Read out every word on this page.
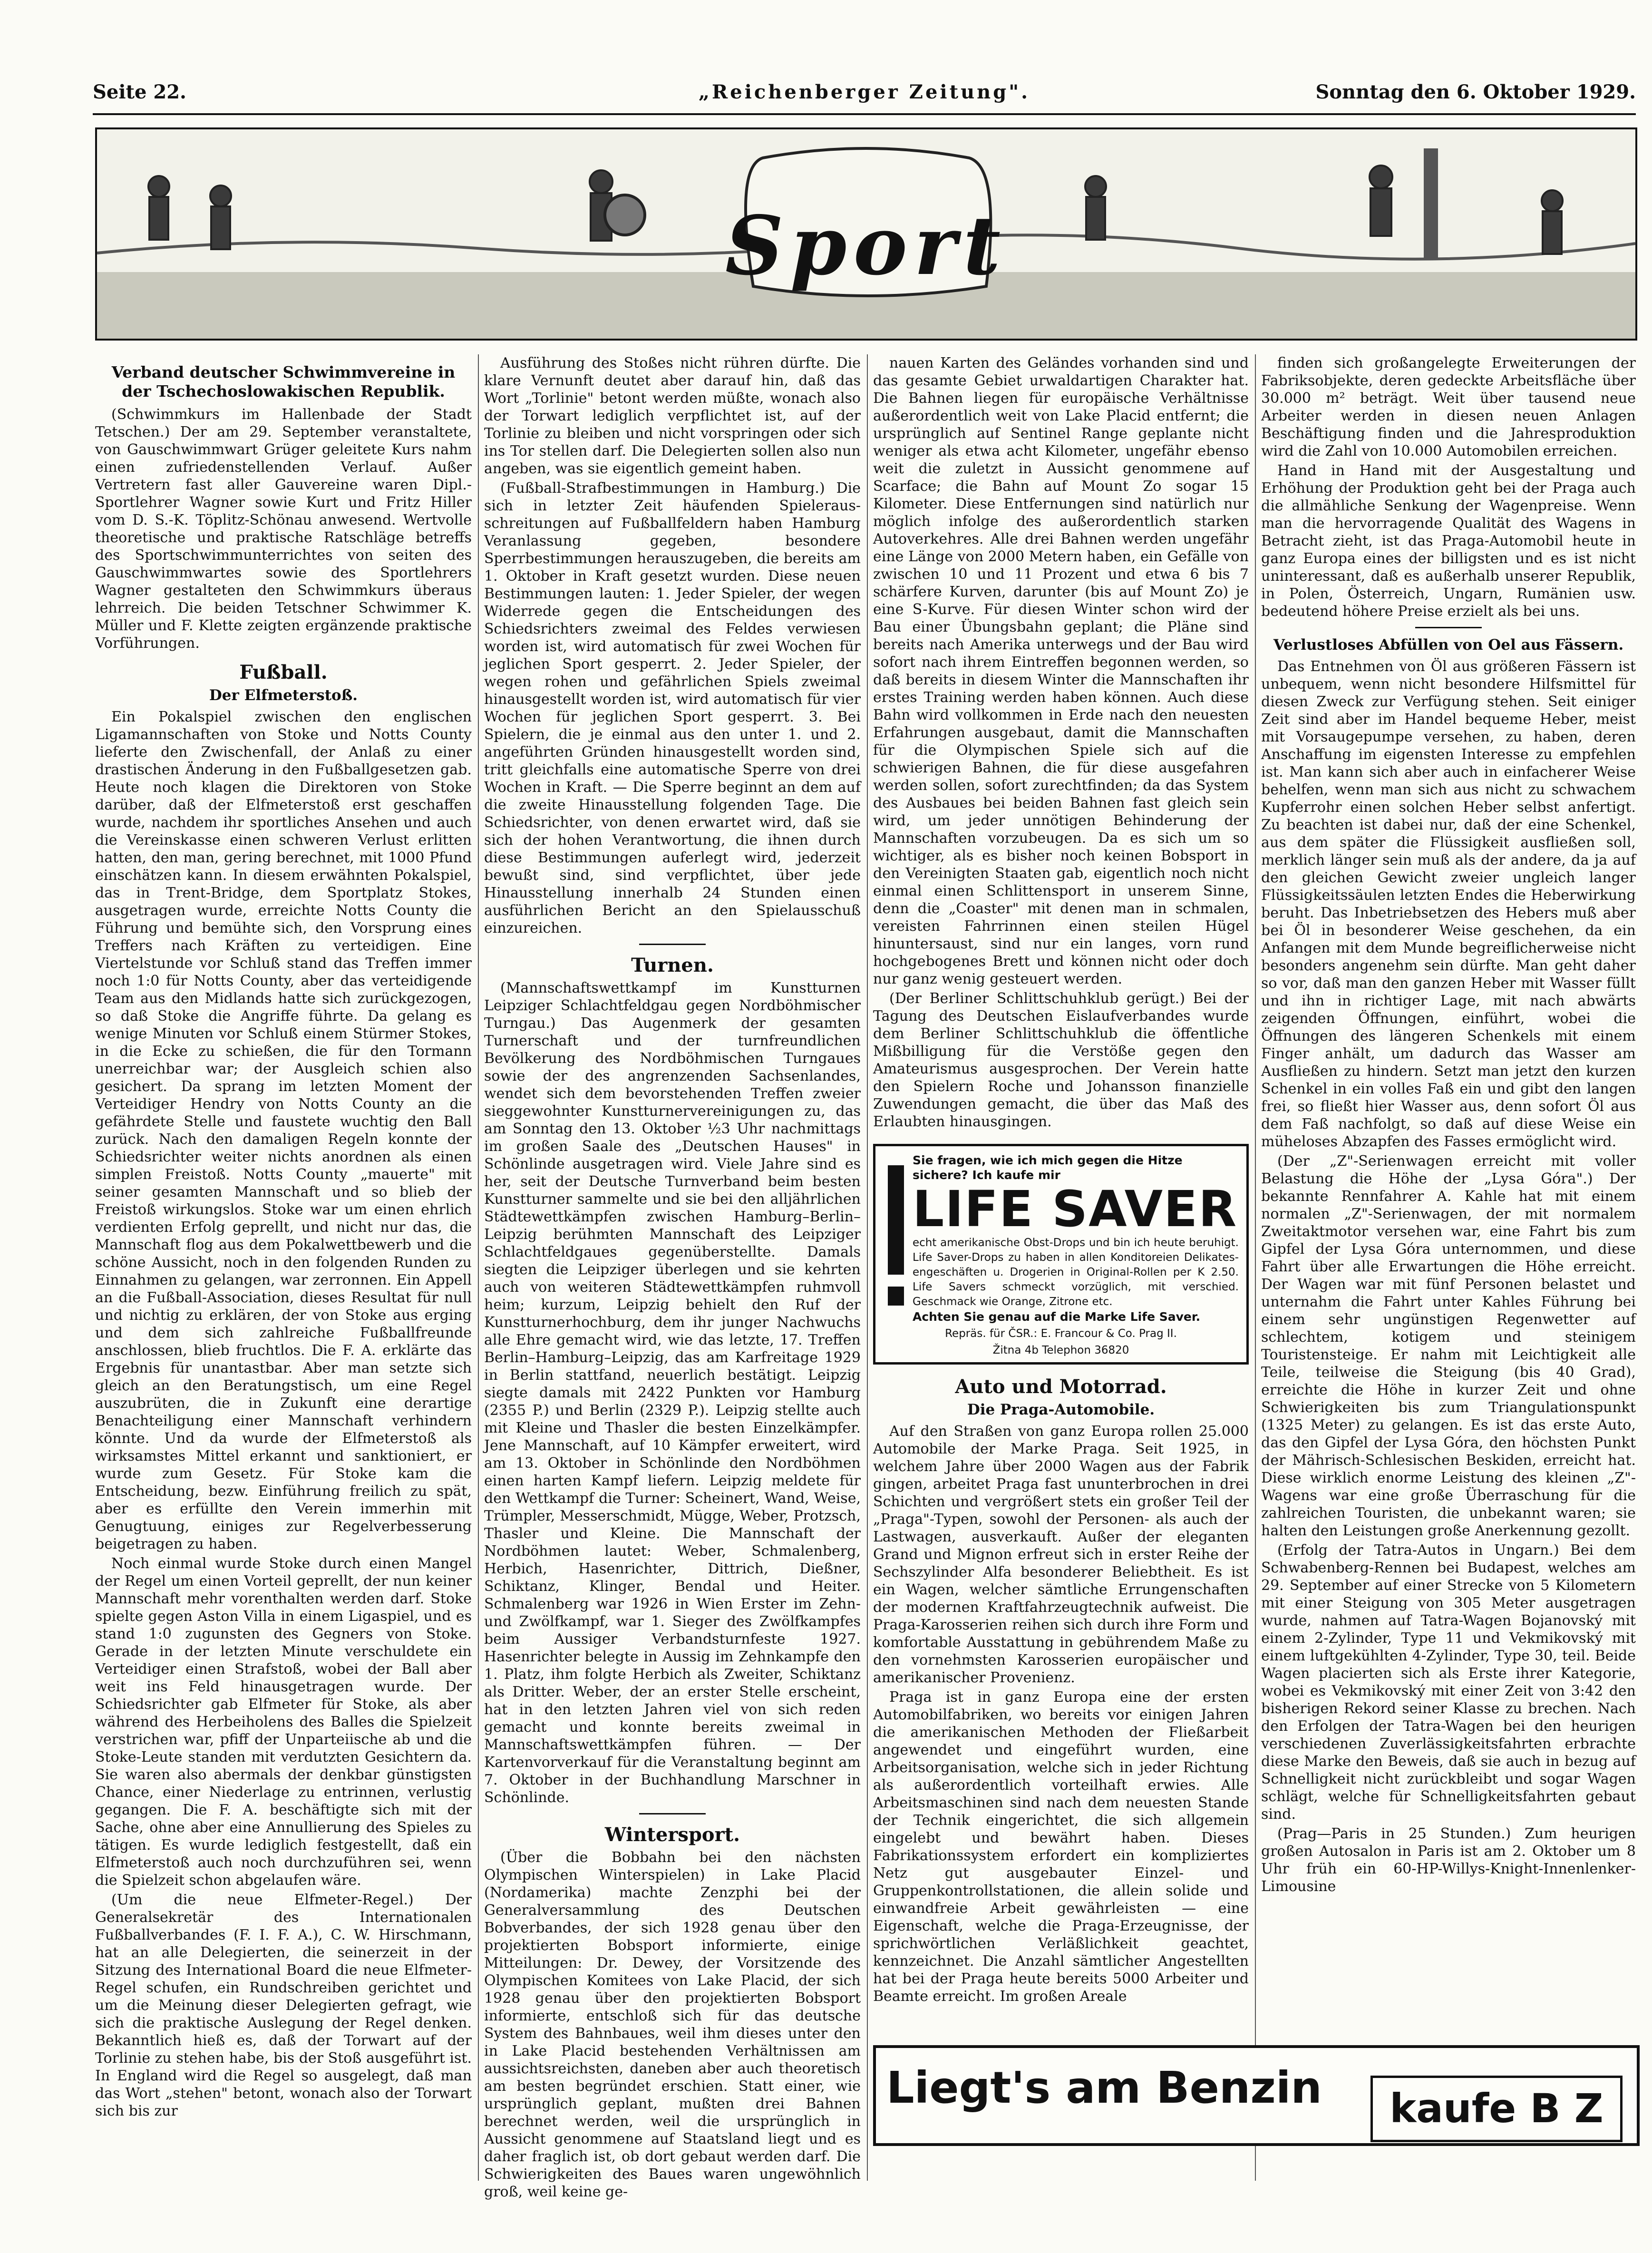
Seite 22.	„Reichenberger Zeitung".	Sonntag den 6. Oktober 1929.
Sport
Verband deutscher Schwimmvereine in der Tschechoslowakischen Republik.

(Schwimmkurs im Hallenbade der Stadt Tetschen.) Der am 29. September veranstaltete, von Gauschwimmwart Grüger geleitete Kurs nahm einen zufriedenstellenden Verlauf. Außer Vertretern fast aller Gauvereine waren Dipl.-Sportlehrer Wagner sowie Kurt und Fritz Hiller vom D. S.-K. Töplitz-Schönau anwesend. Wertvolle theoretische und praktische Ratschläge betreffs des Sportschwimmunterrichtes von seiten des Gauschwimmwartes sowie des Sportlehrers Wagner gestalteten den Schwimmkurs überaus lehrreich. Die beiden Tetschner Schwimmer K. Müller und F. Klette zeigten ergänzende praktische Vorführungen.

Fußball.
Der Elfmeterstoß.

Ein Pokalspiel zwischen den englischen Ligamannschaften von Stoke und Notts County lieferte den Zwischenfall, der Anlaß zu einer drastischen Änderung in den Fußballgesetzen gab. Heute noch klagen die Direktoren von Stoke darüber, daß der Elfmeterstoß erst geschaffen wurde, nachdem ihr sportliches Ansehen und auch die Vereinskasse einen schweren Verlust erlitten hatten, den man, gering berechnet, mit 1000 Pfund einschätzen kann. In diesem erwähnten Pokalspiel, das in Trent-Bridge, dem Sportplatz Stokes, ausgetragen wurde, erreichte Notts County die Führung und bemühte sich, den Vorsprung eines Treffers nach Kräften zu verteidigen. Eine Viertelstunde vor Schluß stand das Treffen immer noch 1:0 für Notts County, aber das verteidigende Team aus den Midlands hatte sich zurückgezogen, so daß Stoke die Angriffe führte. Da gelang es wenige Minuten vor Schluß einem Stürmer Stokes, in die Ecke zu schießen, die für den Tormann unerreichbar war; der Ausgleich schien also gesichert. Da sprang im letzten Moment der Verteidiger Hendry von Notts County an die gefährdete Stelle und faustete wuchtig den Ball zurück. Nach den damaligen Regeln konnte der Schiedsrichter weiter nichts anordnen als einen simplen Freistoß. Notts County „mauerte" mit seiner gesamten Mannschaft und so blieb der Freistoß wirkungslos. Stoke war um einen ehrlich verdienten Erfolg geprellt, und nicht nur das, die Mannschaft flog aus dem Pokalwettbewerb und die schöne Aussicht, noch in den folgenden Runden zu Einnahmen zu gelangen, war zerronnen. Ein Appell an die Fußball-Association, dieses Resultat für null und nichtig zu erklären, der von Stoke aus erging und dem sich zahlreiche Fußballfreunde anschlossen, blieb fruchtlos. Die F. A. erklärte das Ergebnis für unantastbar. Aber man setzte sich gleich an den Beratungstisch, um eine Regel auszubrüten, die in Zukunft eine derartige Benachteiligung einer Mannschaft verhindern könnte. Und da wurde der Elfmeterstoß als wirksamstes Mittel erkannt und sanktioniert, er wurde zum Gesetz. Für Stoke kam die Entscheidung, bezw. Einführung freilich zu spät, aber es erfüllte den Verein immerhin mit Genugtuung, einiges zur Regelverbesserung beigetragen zu haben.

Noch einmal wurde Stoke durch einen Mangel der Regel um einen Vorteil geprellt, der nun keiner Mannschaft mehr vorenthalten werden darf. Stoke spielte gegen Aston Villa in einem Ligaspiel, und es stand 1:0 zugunsten des Gegners von Stoke. Gerade in der letzten Minute verschuldete ein Verteidiger einen Strafstoß, wobei der Ball aber weit ins Feld hinausgetragen wurde. Der Schiedsrichter gab Elfmeter für Stoke, als aber während des Herbeiholens des Balles die Spielzeit verstrichen war, pfiff der Unparteiische ab und die Stoke-Leute standen mit verdutzten Gesichtern da. Sie waren also abermals der denkbar günstigsten Chance, einer Niederlage zu entrinnen, verlustig gegangen. Die F. A. beschäftigte sich mit der Sache, ohne aber eine Annullierung des Spieles zu tätigen. Es wurde lediglich festgestellt, daß ein Elfmeterstoß auch noch durchzuführen sei, wenn die Spielzeit schon abgelaufen wäre.

(Um die neue Elfmeter-Regel.) Der Generalsekretär des Internationalen Fußballverbandes (F. I. F. A.), C. W. Hirschmann, hat an alle Delegierten, die seinerzeit in der Sitzung des International Board die neue Elfmeter-Regel schufen, ein Rundschreiben gerichtet und um die Meinung dieser Delegierten gefragt, wie sich die praktische Auslegung der Regel denken. Bekanntlich hieß es, daß der Torwart auf der Torlinie zu stehen habe, bis der Stoß ausgeführt ist. In England wird die Regel so ausgelegt, daß man das Wort „stehen" betont, wonach also der Torwart sich bis zur

Ausführung des Stoßes nicht rühren dürfte. Die klare Vernunft deutet aber darauf hin, daß das Wort „Torlinie" betont werden müßte, wonach also der Torwart lediglich verpflichtet ist, auf der Torlinie zu bleiben und nicht vorspringen oder sich ins Tor stellen darf. Die Delegierten sollen also nun angeben, was sie eigentlich gemeint haben.

(Fußball-Strafbestimmungen in Hamburg.) Die sich in letzter Zeit häufenden Spielerausschreitungen auf Fußballfeldern haben Hamburg Veranlassung gegeben, besondere Sperrbestimmungen herauszugeben, die bereits am 1. Oktober in Kraft gesetzt wurden. Diese neuen Bestimmungen lauten: 1. Jeder Spieler, der wegen Widerrede gegen die Entscheidungen des Schiedsrichters zweimal des Feldes verwiesen worden ist, wird automatisch für zwei Wochen für jeglichen Sport gesperrt. 2. Jeder Spieler, der wegen rohen und gefährlichen Spiels zweimal hinausgestellt worden ist, wird automatisch für vier Wochen für jeglichen Sport gesperrt. 3. Bei Spielern, die je einmal aus den unter 1. und 2. angeführten Gründen hinausgestellt worden sind, tritt gleichfalls eine automatische Sperre von drei Wochen in Kraft. — Die Sperre beginnt an dem auf die zweite Hinausstellung folgenden Tage. Die Schiedsrichter, von denen erwartet wird, daß sie sich der hohen Verantwortung, die ihnen durch diese Bestimmungen auferlegt wird, jederzeit bewußt sind, sind verpflichtet, über jede Hinausstellung innerhalb 24 Stunden einen ausführlichen Bericht an den Spielausschuß einzureichen.

Turnen.

(Mannschaftswettkampf im Kunstturnen Leipziger Schlachtfeldgau gegen Nordböhmischer Turngau.) Das Augenmerk der gesamten Turnerschaft und der turnfreundlichen Bevölkerung des Nordböhmischen Turngaues sowie der des angrenzenden Sachsenlandes, wendet sich dem bevorstehenden Treffen zweier sieggewohnter Kunstturnervereinigungen zu, das am Sonntag den 13. Oktober ½3 Uhr nachmittags im großen Saale des „Deutschen Hauses" in Schönlinde ausgetragen wird. Viele Jahre sind es her, seit der Deutsche Turnverband beim besten Kunstturner sammelte und sie bei den alljährlichen Städtewettkämpfen zwischen Hamburg–Berlin–Leipzig berühmten Mannschaft des Leipziger Schlachtfeldgaues gegenüberstellte. Damals siegten die Leipziger überlegen und sie kehrten auch von weiteren Städtewettkämpfen ruhmvoll heim; kurzum, Leipzig behielt den Ruf der Kunstturnerhochburg, dem ihr junger Nachwuchs alle Ehre gemacht wird, wie das letzte, 17. Treffen Berlin–Hamburg–Leipzig, das am Karfreitage 1929 in Berlin stattfand, neuerlich bestätigt. Leipzig siegte damals mit 2422 Punkten vor Hamburg (2355 P.) und Berlin (2329 P.). Leipzig stellte auch mit Kleine und Thasler die besten Einzelkämpfer. Jene Mannschaft, auf 10 Kämpfer erweitert, wird am 13. Oktober in Schönlinde den Nordböhmen einen harten Kampf liefern. Leipzig meldete für den Wettkampf die Turner: Scheinert, Wand, Weise, Trümpler, Messerschmidt, Mügge, Weber, Protzsch, Thasler und Kleine. Die Mannschaft der Nordböhmen lautet: Weber, Schmalenberg, Herbich, Hasenrichter, Dittrich, Dießner, Schiktanz, Klinger, Bendal und Heiter. Schmalenberg war 1926 in Wien Erster im Zehn- und Zwölfkampf, war 1. Sieger des Zwölfkampfes beim Aussiger Verbandsturnfeste 1927. Hasenrichter belegte in Aussig im Zehnkampfe den 1. Platz, ihm folgte Herbich als Zweiter, Schiktanz als Dritter. Weber, der an erster Stelle erscheint, hat in den letzten Jahren viel von sich reden gemacht und konnte bereits zweimal in Mannschaftswettkämpfen führen. — Der Kartenvorverkauf für die Veranstaltung beginnt am 7. Oktober in der Buchhandlung Marschner in Schönlinde.

Wintersport.

(Über die Bobbahn bei den nächsten Olympischen Winterspielen) in Lake Placid (Nordamerika) machte Zenzphi bei der Generalversammlung des Deutschen Bobverbandes, der sich 1928 genau über den projektierten Bobsport informierte, einige Mitteilungen: Dr. Dewey, der Vorsitzende des Olympischen Komitees von Lake Placid, der sich 1928 genau über den projektierten Bobsport informierte, entschloß sich für das deutsche System des Bahnbaues, weil ihm dieses unter den in Lake Placid bestehenden Verhältnissen am aussichtsreichsten, daneben aber auch theoretisch am besten begründet erschien. Statt einer, wie ursprünglich geplant, mußten drei Bahnen berechnet werden, weil die ursprünglich in Aussicht genommene auf Staatsland liegt und es daher fraglich ist, ob dort gebaut werden darf. Die Schwierigkeiten des Baues waren ungewöhnlich groß, weil keine ge-

nauen Karten des Geländes vorhanden sind und das gesamte Gebiet urwaldartigen Charakter hat. Die Bahnen liegen für europäische Verhältnisse außerordentlich weit von Lake Placid entfernt; die ursprünglich auf Sentinel Range geplante nicht weniger als etwa acht Kilometer, ungefähr ebenso weit die zuletzt in Aussicht genommene auf Scarface; die Bahn auf Mount Zo sogar 15 Kilometer. Diese Entfernungen sind natürlich nur möglich infolge des außerordentlich starken Autoverkehres. Alle drei Bahnen werden ungefähr eine Länge von 2000 Metern haben, ein Gefälle von zwischen 10 und 11 Prozent und etwa 6 bis 7 schärfere Kurven, darunter (bis auf Mount Zo) je eine S-Kurve. Für diesen Winter schon wird der Bau einer Übungsbahn geplant; die Pläne sind bereits nach Amerika unterwegs und der Bau wird sofort nach ihrem Eintreffen begonnen werden, so daß bereits in diesem Winter die Mannschaften ihr erstes Training werden haben können. Auch diese Bahn wird vollkommen in Erde nach den neuesten Erfahrungen ausgebaut, damit die Mannschaften für die Olympischen Spiele sich auf die schwierigen Bahnen, die für diese ausgefahren werden sollen, sofort zurechtfinden; da das System des Ausbaues bei beiden Bahnen fast gleich sein wird, um jeder unnötigen Behinderung der Mannschaften vorzubeugen. Da es sich um so wichtiger, als es bisher noch keinen Bobsport in den Vereinigten Staaten gab, eigentlich noch nicht einmal einen Schlittensport in unserem Sinne, denn die „Coaster" mit denen man in schmalen, vereisten Fahrrinnen einen steilen Hügel hinuntersaust, sind nur ein langes, vorn rund hochgebogenes Brett und können nicht oder doch nur ganz wenig gesteuert werden.

(Der Berliner Schlittschuhklub gerügt.) Bei der Tagung des Deutschen Eislaufverbandes wurde dem Berliner Schlittschuhklub die öffentliche Mißbilligung für die Verstöße gegen den Amateurismus ausgesprochen. Der Verein hatte den Spielern Roche und Johansson finanzielle Zuwendungen gemacht, die über das Maß des Erlaubten hinausgingen.

Sie fragen, wie ich mich gegen die Hitze
sichere? Ich kaufe mir
LIFE SAVER
echt amerikanische Obst-Drops und bin ich heute beruhigt. Life Saver-Drops zu haben in allen Konditoreien Delikates-engeschäften u. Drogerien in Original-Rollen per K 2.50. Life Savers schmeckt vorzüglich, mit verschied. Geschmack wie Orange, Zitrone etc.
Achten Sie genau auf die Marke Life Saver.
Repräs. für ČSR.: E. Francour & Co. Prag II.
Žitna 4b Telephon 36820
Auto und Motorrad.
Die Praga-Automobile.

Auf den Straßen von ganz Europa rollen 25.000 Automobile der Marke Praga. Seit 1925, in welchem Jahre über 2000 Wagen aus der Fabrik gingen, arbeitet Praga fast ununterbrochen in drei Schichten und vergrößert stets ein großer Teil der „Praga"-Typen, sowohl der Personen- als auch der Lastwagen, ausverkauft. Außer der eleganten Grand und Mignon erfreut sich in erster Reihe der Sechszylinder Alfa besonderer Beliebtheit. Es ist ein Wagen, welcher sämtliche Errungenschaften der modernen Kraftfahrzeugtechnik aufweist. Die Praga-Karosserien reihen sich durch ihre Form und komfortable Ausstattung in gebührendem Maße zu den vornehmsten Karosserien europäischer und amerikanischer Provenienz.

Praga ist in ganz Europa eine der ersten Automobilfabriken, wo bereits vor einigen Jahren die amerikanischen Methoden der Fließarbeit angewendet und eingeführt wurden, eine Arbeitsorganisation, welche sich in jeder Richtung als außerordentlich vorteilhaft erwies. Alle Arbeitsmaschinen sind nach dem neuesten Stande der Technik eingerichtet, die sich allgemein eingelebt und bewährt haben. Dieses Fabrikationssystem erfordert ein kompliziertes Netz gut ausgebauter Einzel- und Gruppenkontrollstationen, die allein solide und einwandfreie Arbeit gewährleisten — eine Eigenschaft, welche die Praga-Erzeugnisse, der sprichwörtlichen Verläßlichkeit geachtet, kennzeichnet. Die Anzahl sämtlicher Angestellten hat bei der Praga heute bereits 5000 Arbeiter und Beamte erreicht. Im großen Areale

finden sich großangelegte Erweiterungen der Fabriksobjekte, deren gedeckte Arbeitsfläche über 30.000 m² beträgt. Weit über tausend neue Arbeiter werden in diesen neuen Anlagen Beschäftigung finden und die Jahresproduktion wird die Zahl von 10.000 Automobilen erreichen.

Hand in Hand mit der Ausgestaltung und Erhöhung der Produktion geht bei der Praga auch die allmähliche Senkung der Wagenpreise. Wenn man die hervorragende Qualität des Wagens in Betracht zieht, ist das Praga-Automobil heute in ganz Europa eines der billigsten und es ist nicht uninteressant, daß es außerhalb unserer Republik, in Polen, Österreich, Ungarn, Rumänien usw. bedeutend höhere Preise erzielt als bei uns.

Verlustloses Abfüllen von Oel aus Fässern.

Das Entnehmen von Öl aus größeren Fässern ist unbequem, wenn nicht besondere Hilfsmittel für diesen Zweck zur Verfügung stehen. Seit einiger Zeit sind aber im Handel bequeme Heber, meist mit Vorsaugepumpe versehen, zu haben, deren Anschaffung im eigensten Interesse zu empfehlen ist. Man kann sich aber auch in einfacherer Weise behelfen, wenn man sich aus nicht zu schwachem Kupferrohr einen solchen Heber selbst anfertigt. Zu beachten ist dabei nur, daß der eine Schenkel, aus dem später die Flüssigkeit ausfließen soll, merklich länger sein muß als der andere, da ja auf den gleichen Gewicht zweier ungleich langer Flüssigkeitssäulen letzten Endes die Heberwirkung beruht. Das Inbetriebsetzen des Hebers muß aber bei Öl in besonderer Weise geschehen, da ein Anfangen mit dem Munde begreiflicherweise nicht besonders angenehm sein dürfte. Man geht daher so vor, daß man den ganzen Heber mit Wasser füllt und ihn in richtiger Lage, mit nach abwärts zeigenden Öffnungen, einführt, wobei die Öffnungen des längeren Schenkels mit einem Finger anhält, um dadurch das Wasser am Ausfließen zu hindern. Setzt man jetzt den kurzen Schenkel in ein volles Faß ein und gibt den langen frei, so fließt hier Wasser aus, denn sofort Öl aus dem Faß nachfolgt, so daß auf diese Weise ein müheloses Abzapfen des Fasses ermöglicht wird.

(Der „Z"-Serienwagen erreicht mit voller Belastung die Höhe der „Lysa Góra".) Der bekannte Rennfahrer A. Kahle hat mit einem normalen „Z"-Serienwagen, der mit normalem Zweitaktmotor versehen war, eine Fahrt bis zum Gipfel der Lysa Góra unternommen, und diese Fahrt über alle Erwartungen die Höhe erreicht. Der Wagen war mit fünf Personen belastet und unternahm die Fahrt unter Kahles Führung bei einem sehr ungünstigen Regenwetter auf schlechtem, kotigem und steinigem Touristensteige. Er nahm mit Leichtigkeit alle Teile, teilweise die Steigung (bis 40 Grad), erreichte die Höhe in kurzer Zeit und ohne Schwierigkeiten bis zum Triangulationspunkt (1325 Meter) zu gelangen. Es ist das erste Auto, das den Gipfel der Lysa Góra, den höchsten Punkt der Mährisch-Schlesischen Beskiden, erreicht hat. Diese wirklich enorme Leistung des kleinen „Z"-Wagens war eine große Überraschung für die zahlreichen Touristen, die unbekannt waren; sie halten den Leistungen große Anerkennung gezollt.

(Erfolg der Tatra-Autos in Ungarn.) Bei dem Schwabenberg-Rennen bei Budapest, welches am 29. September auf einer Strecke von 5 Kilometern mit einer Steigung von 305 Meter ausgetragen wurde, nahmen auf Tatra-Wagen Bojanovský mit einem 2-Zylinder, Type 11 und Vekmikovský mit einem luftgekühlten 4-Zylinder, Type 30, teil. Beide Wagen placierten sich als Erste ihrer Kategorie, wobei es Vekmikovský mit einer Zeit von 3:42 den bisherigen Rekord seiner Klasse zu brechen. Nach den Erfolgen der Tatra-Wagen bei den heurigen verschiedenen Zuverlässigkeitsfahrten erbrachte diese Marke den Beweis, daß sie auch in bezug auf Schnelligkeit nicht zurückbleibt und sogar Wagen schlägt, welche für Schnelligkeitsfahrten gebaut sind.

(Prag—Paris in 25 Stunden.) Zum heurigen großen Autosalon in Paris ist am 2. Oktober um 8 Uhr früh ein 60-HP-Willys-Knight-Innenlenker-Limousine

Liegt's am Benzin	kaufe B Z
